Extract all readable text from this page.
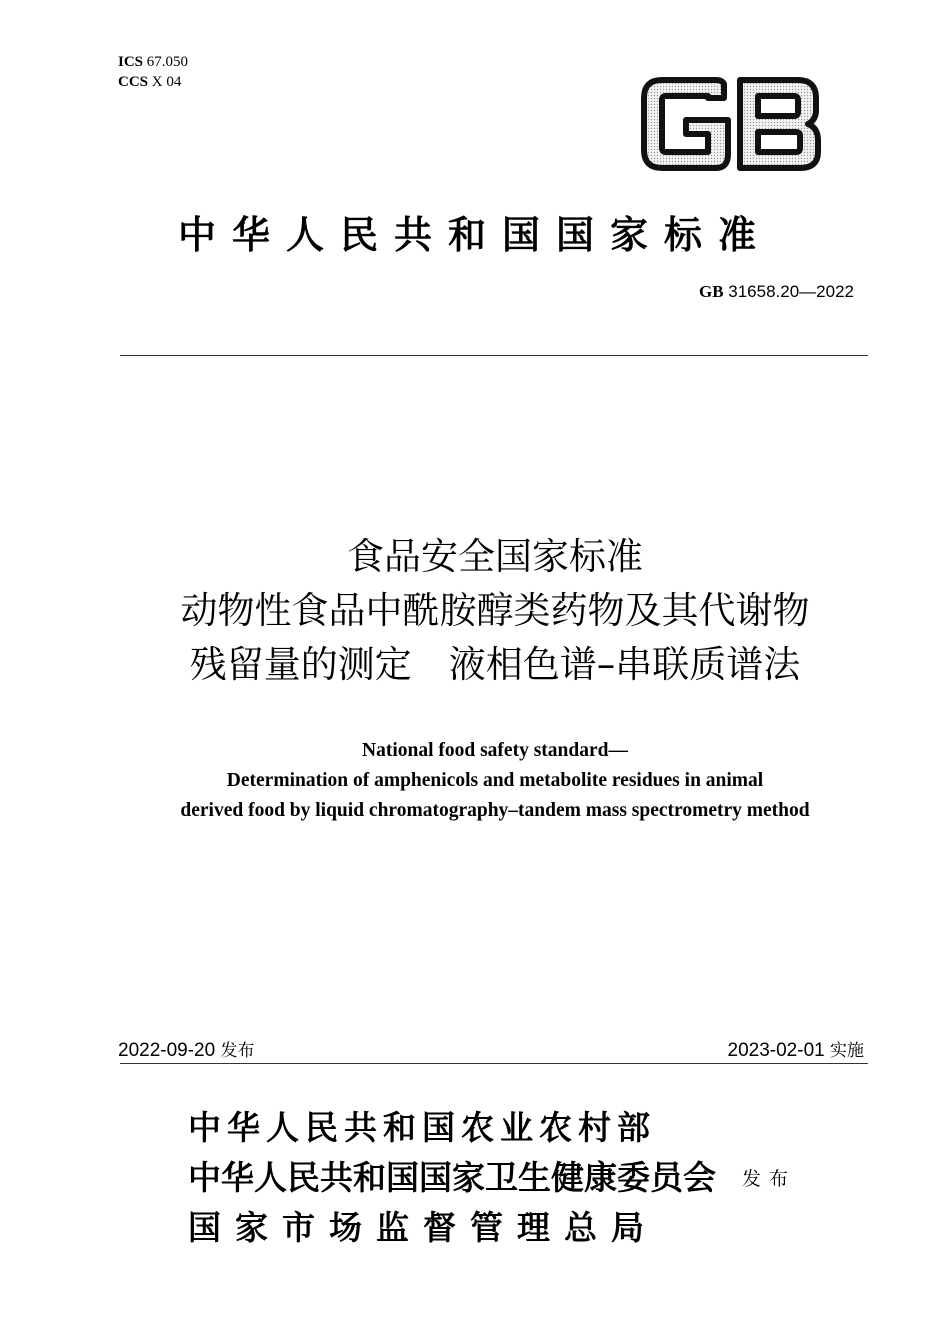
ICS 67.050
CCS X 04
中华人民共和国国家标准
GB 31658.20—2022
食品安全国家标准
动物性食品中酰胺醇类药物及其代谢物
残留量的测定　液相色谱–串联质谱法
National food safety standard—
Determination of amphenicols and metabolite residues in animal
derived food by liquid chromatography–tandem mass spectrometry method
2022-09-20 发布	2023-02-01 实施
中华人民共和国农业农村部
中华人民共和国国家卫生健康委员会
国家市场监督管理总局
发布
